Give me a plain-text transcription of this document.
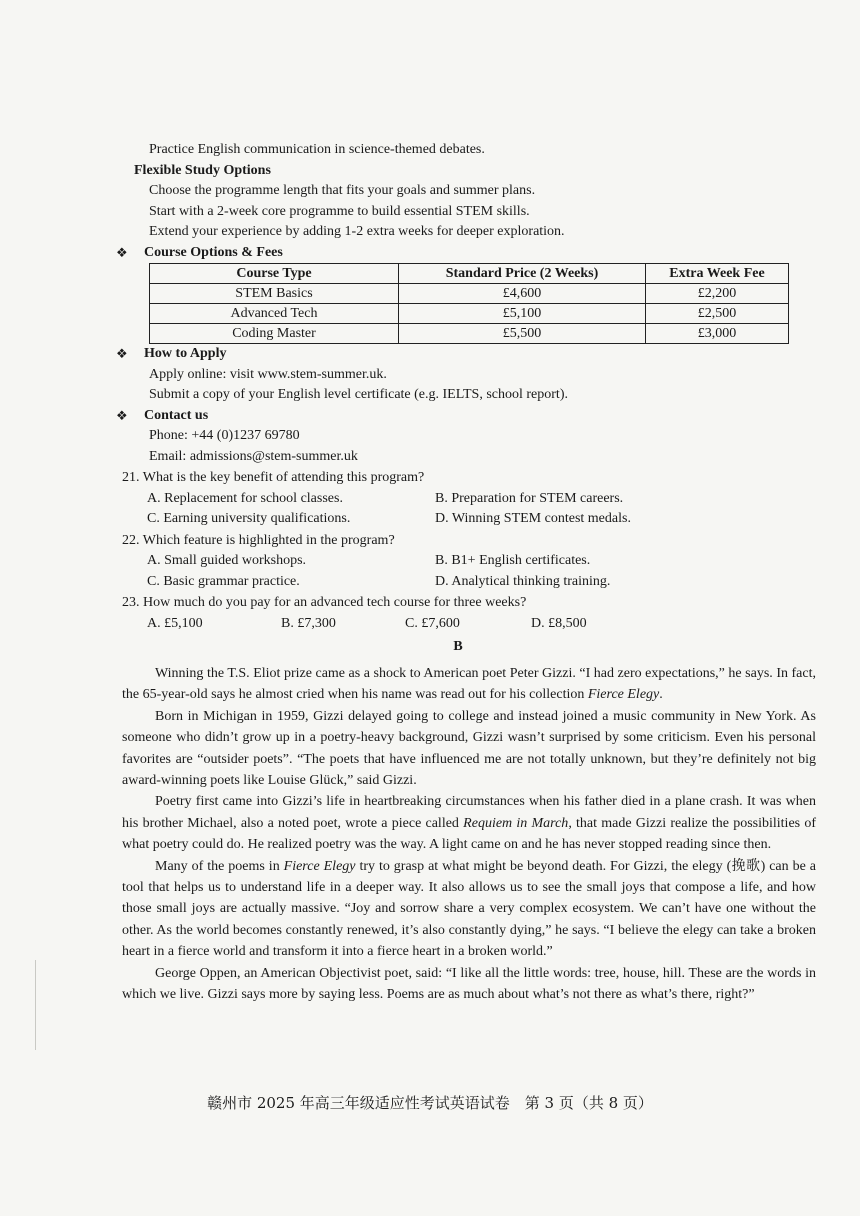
Practice English communication in science-themed debates.
Flexible Study Options
Choose the programme length that fits your goals and summer plans.
Start with a 2-week core programme to build essential STEM skills.
Extend your experience by adding 1-2 extra weeks for deeper exploration.
❖	Course Options & Fees
Course Type	Standard Price (2 Weeks)	Extra Week Fee
STEM Basics	£4,600	£2,200
Advanced Tech	£5,100	£2,500
Coding Master	£5,500	£3,000
❖	How to Apply
Apply online: visit www.stem-summer.uk.
Submit a copy of your English level certificate (e.g. IELTS, school report).
❖	Contact us
Phone: +44 (0)1237 69780
Email: admissions@stem-summer.uk
21. What is the key benefit of attending this program?
A. Replacement for school classes.	B. Preparation for STEM careers.
C. Earning university qualifications.	D. Winning STEM contest medals.
22. Which feature is highlighted in the program?
A. Small guided workshops.	B. B1+ English certificates.
C. Basic grammar practice.	D. Analytical thinking training.
23. How much do you pay for an advanced tech course for three weeks?
A. £5,100	B. £7,300	C. £7,600	D. £8,500
B

Winning the T.S. Eliot prize came as a shock to American poet Peter Gizzi. “I had zero expectations,” he says. In fact, the 65-year-old says he almost cried when his name was read out for his collection Fierce Elegy.

Born in Michigan in 1959, Gizzi delayed going to college and instead joined a music community in New York. As someone who didn’t grow up in a poetry-heavy background, Gizzi wasn’t surprised by some criticism. Even his personal favorites are “outsider poets”. “The poets that have influenced me are not totally unknown, but they’re definitely not big award-winning poets like Louise Glück,” said Gizzi.

Poetry first came into Gizzi’s life in heartbreaking circumstances when his father died in a plane crash. It was when his brother Michael, also a noted poet, wrote a piece called Requiem in March, that made Gizzi realize the possibilities of what poetry could do. He realized poetry was the way. A light came on and he has never stopped reading since then.

Many of the poems in Fierce Elegy try to grasp at what might be beyond death. For Gizzi, the elegy (挽歌) can be a tool that helps us to understand life in a deeper way. It also allows us to see the small joys that compose a life, and how those small joys are actually massive. “Joy and sorrow share a very complex ecosystem. We can’t have one without the other. As the world becomes constantly renewed, it’s also constantly dying,” he says. “I believe the elegy can take a broken heart in a fierce world and transform it into a fierce heart in a broken world.”

George Oppen, an American Objectivist poet, said: “I like all the little words: tree, house, hill. These are the words in which we live. Gizzi says more by saying less. Poems are as much about what’s not there as what’s there, right?”

赣州市 2025 年高三年级适应性考试英语试卷　第 3 页（共 8 页）
